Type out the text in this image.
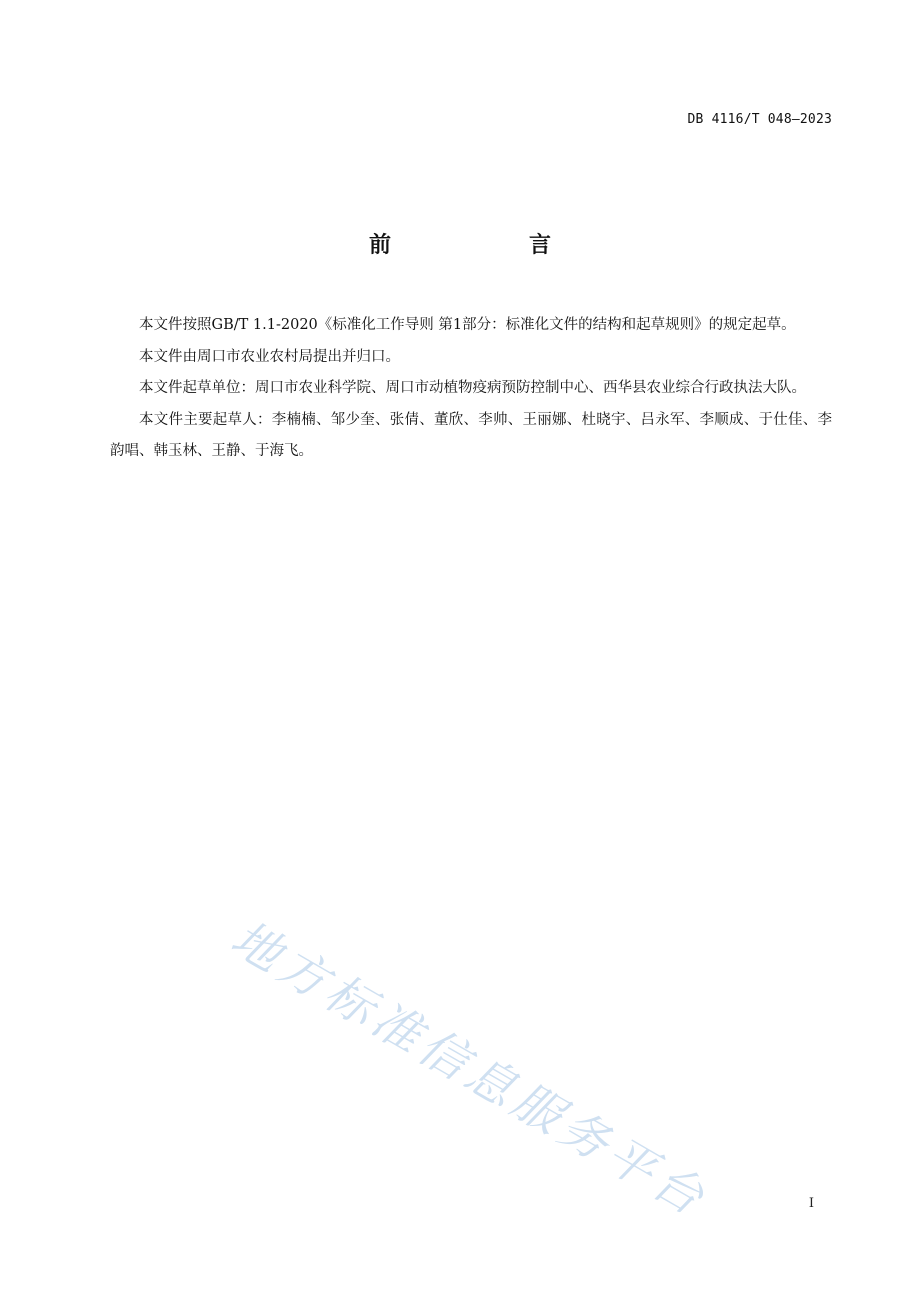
DB 4116/T 048—2023
前　言

本文件按照GB/T 1.1-2020《标准化工作导则 第1部分：标准化文件的结构和起草规则》的规定起草。

本文件由周口市农业农村局提出并归口。

本文件起草单位：周口市农业科学院、周口市动植物疫病预防控制中心、西华县农业综合行政执法大队。

本文件主要起草人：李楠楠、邹少奎、张倩、董欣、李帅、王丽娜、杜晓宇、吕永军、李顺成、于仕佳、李韵唱、韩玉林、王静、于海飞。

地方标准信息服务平台	I
